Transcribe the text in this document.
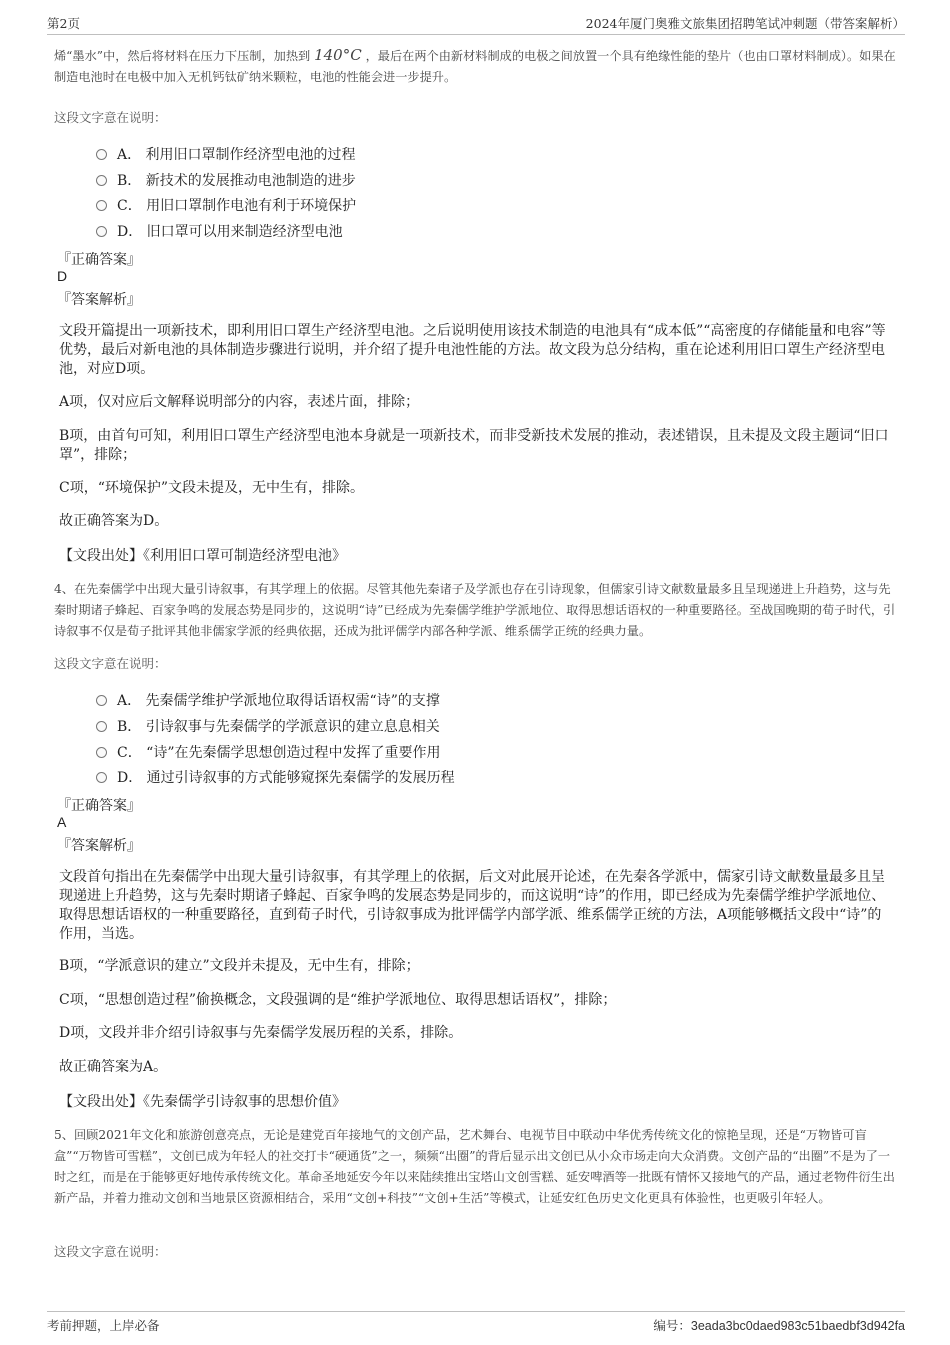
第2页	2024年厦门奥雅文旅集团招聘笔试冲刺题（带答案解析）

烯“墨水”中，然后将材料在压力下压制，加热到 140°C ，最后在两个由新材料制成的电极之间放置一个具有绝缘性能的垫片（也由口罩材料制成）。如果在制造电池时在电极中加入无机钙钛矿纳米颗粒，电池的性能会进一步提升。

这段文字意在说明：
A． 利用旧口罩制作经济型电池的过程
B． 新技术的发展推动电池制造的进步
C． 用旧口罩制作电池有利于环境保护
D． 旧口罩可以用来制造经济型电池
『正确答案』
D
『答案解析』

文段开篇提出一项新技术，即利用旧口罩生产经济型电池。之后说明使用该技术制造的电池具有“成本低”“高密度的存储能量和电容”等优势，最后对新电池的具体制造步骤进行说明，并介绍了提升电池性能的方法。故文段为总分结构，重在论述利用旧口罩生产经济型电池，对应D项。

A项，仅对应后文解释说明部分的内容，表述片面，排除；

B项，由首句可知，利用旧口罩生产经济型电池本身就是一项新技术，而非受新技术发展的推动，表述错误，且未提及文段主题词“旧口罩”，排除；

C项，“环境保护”文段未提及，无中生有，排除。

故正确答案为D。

【文段出处】《利用旧口罩可制造经济型电池》

4、在先秦儒学中出现大量引诗叙事，有其学理上的依据。尽管其他先秦诸子及学派也存在引诗现象，但儒家引诗文献数量最多且呈现递进上升趋势，这与先秦时期诸子蜂起、百家争鸣的发展态势是同步的，这说明“诗”已经成为先秦儒学维护学派地位、取得思想话语权的一种重要路径。至战国晚期的荀子时代，引诗叙事不仅是荀子批评其他非儒家学派的经典依据，还成为批评儒学内部各种学派、维系儒学正统的经典力量。

这段文字意在说明：
A． 先秦儒学维护学派地位取得话语权需“诗”的支撑
B． 引诗叙事与先秦儒学的学派意识的建立息息相关
C． “诗”在先秦儒学思想创造过程中发挥了重要作用
D． 通过引诗叙事的方式能够窥探先秦儒学的发展历程
『正确答案』
A
『答案解析』

文段首句指出在先秦儒学中出现大量引诗叙事，有其学理上的依据，后文对此展开论述，在先秦各学派中，儒家引诗文献数量最多且呈现递进上升趋势，这与先秦时期诸子蜂起、百家争鸣的发展态势是同步的，而这说明“诗”的作用，即已经成为先秦儒学维护学派地位、取得思想话语权的一种重要路径，直到荀子时代，引诗叙事成为批评儒学内部学派、维系儒学正统的方法，A项能够概括文段中“诗”的作用，当选。

B项，“学派意识的建立”文段并未提及，无中生有，排除；

C项，“思想创造过程”偷换概念，文段强调的是“维护学派地位、取得思想话语权”，排除；

D项，文段并非介绍引诗叙事与先秦儒学发展历程的关系，排除。

故正确答案为A。

【文段出处】《先秦儒学引诗叙事的思想价值》

5、回顾2021年文化和旅游创意亮点，无论是建党百年接地气的文创产品，艺术舞台、电视节目中联动中华优秀传统文化的惊艳呈现，还是“万物皆可盲盒”“万物皆可雪糕”，文创已成为年轻人的社交打卡“硬通货”之一，频频“出圈”的背后显示出文创已从小众市场走向大众消费。文创产品的“出圈”不是为了一时之红，而是在于能够更好地传承传统文化。革命圣地延安今年以来陆续推出宝塔山文创雪糕、延安啤酒等一批既有情怀又接地气的产品，通过老物件衍生出新产品，并着力推动文创和当地景区资源相结合，采用“文创+科技”“文创+生活”等模式，让延安红色历史文化更具有体验性，也更吸引年轻人。

这段文字意在说明：
考前押题，上岸必备	编号：3eada3bc0daed983c51baedbf3d942fa
